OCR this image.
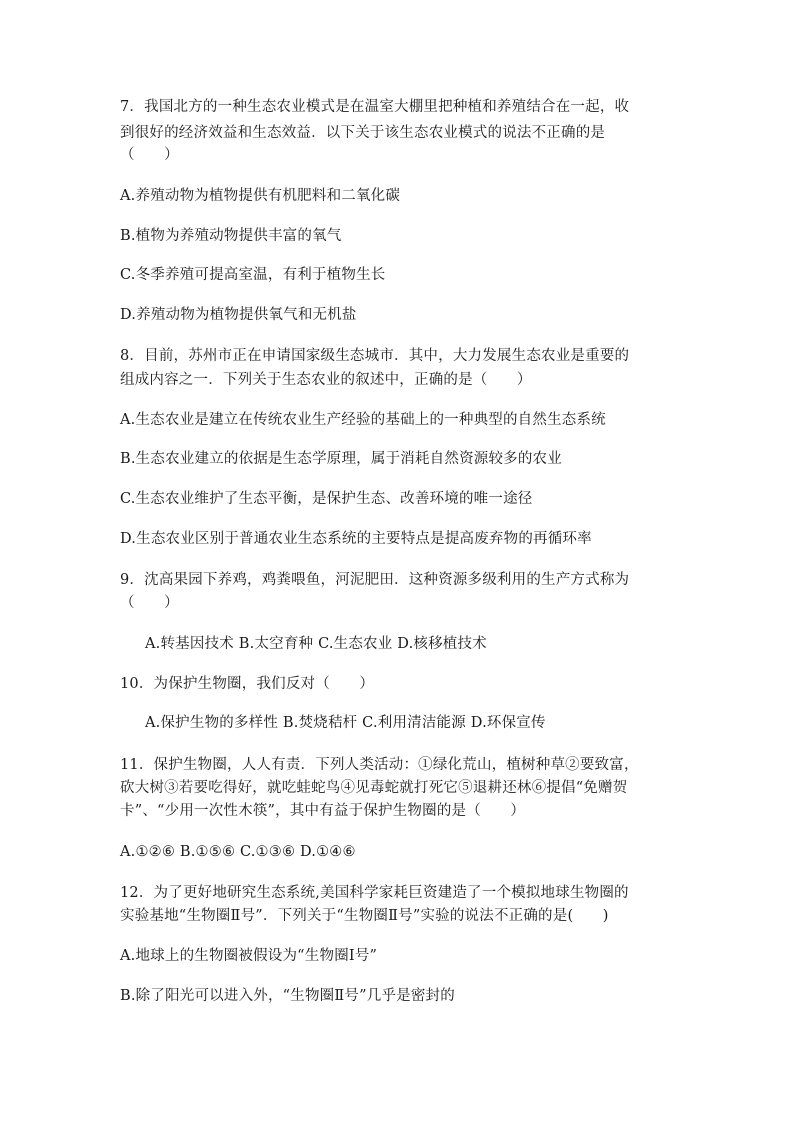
7．我国北方的一种生态农业模式是在温室大棚里把种植和养殖结合在一起，收
到很好的经济效益和生态效益．以下关于该生态农业模式的说法不正确的是
（　　）
A.养殖动物为植物提供有机肥料和二氧化碳
B.植物为养殖动物提供丰富的氧气
C.冬季养殖可提高室温，有利于植物生长
D.养殖动物为植物提供氧气和无机盐
8．目前，苏州市正在申请国家级生态城市．其中，大力发展生态农业是重要的
组成内容之一．下列关于生态农业的叙述中，正确的是（　　）
A.生态农业是建立在传统农业生产经验的基础上的一种典型的自然生态系统
B.生态农业建立的依据是生态学原理，属于消耗自然资源较多的农业
C.生态农业维护了生态平衡，是保护生态、改善环境的唯一途径
D.生态农业区别于普通农业生态系统的主要特点是提高废弃物的再循环率
9．沈高果园下养鸡，鸡粪喂鱼，河泥肥田．这种资源多级利用的生产方式称为
（　　）
A.转基因技术 B.太空育种 C.生态农业 D.核移植技术
10．为保护生物圈，我们反对（　　）
A.保护生物的多样性 B.焚烧秸杆 C.利用清洁能源 D.环保宣传
11．保护生物圈，人人有责．下列人类活动：①绿化荒山，植树种草②要致富，
砍大树③若要吃得好，就吃蛙蛇鸟④见毒蛇就打死它⑤退耕还林⑥提倡“免赠贺
卡”、“少用一次性木筷”，其中有益于保护生物圈的是（　　）
A.①②⑥ B.①⑤⑥ C.①③⑥ D.①④⑥
12．为了更好地研究生态系统,美国科学家耗巨资建造了一个模拟地球生物圈的
实验基地“生物圈Ⅱ号”．下列关于“生物圈Ⅱ号”实验的说法不正确的是(　　)
A.地球上的生物圈被假设为“生物圈Ⅰ号”
B.除了阳光可以进入外，“生物圈Ⅱ号”几乎是密封的
